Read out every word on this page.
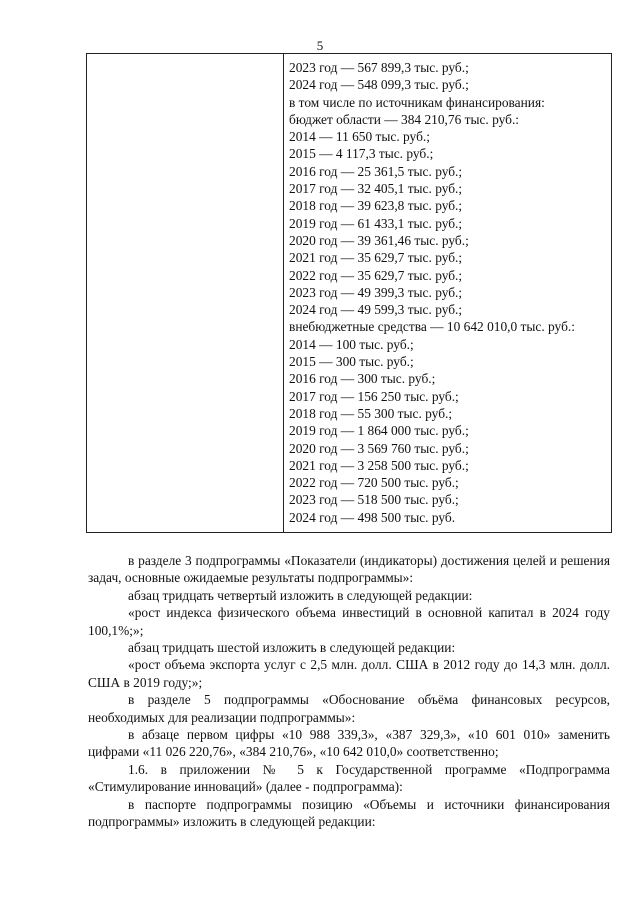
5
2023 год — 567 899,3 тыс. руб.;
2024 год — 548 099,3 тыс. руб.;
в том числе по источникам финансирования:
бюджет области — 384 210,76 тыс. руб.:
2014 — 11 650 тыс. руб.;
2015 — 4 117,3 тыс. руб.;
2016 год — 25 361,5 тыс. руб.;
2017 год — 32 405,1 тыс. руб.;
2018 год — 39 623,8 тыс. руб.;
2019 год — 61 433,1 тыс. руб.;
2020 год — 39 361,46 тыс. руб.;
2021 год — 35 629,7 тыс. руб.;
2022 год — 35 629,7 тыс. руб.;
2023 год — 49 399,3 тыс. руб.;
2024 год — 49 599,3 тыс. руб.;
внебюджетные средства — 10 642 010,0 тыс. руб.:
2014 — 100 тыс. руб.;
2015 — 300 тыс. руб.;
2016 год — 300 тыс. руб.;
2017 год — 156 250 тыс. руб.;
2018 год — 55 300 тыс. руб.;
2019 год — 1 864 000 тыс. руб.;
2020 год — 3 569 760 тыс. руб.;
2021 год — 3 258 500 тыс. руб.;
2022 год — 720 500 тыс. руб.;
2023 год — 518 500 тыс. руб.;
2024 год — 498 500 тыс. руб.

в разделе 3 подпрограммы «Показатели (индикаторы) достижения целей и решения задач, основные ожидаемые результаты подпрограммы»:

абзац тридцать четвертый изложить в следующей редакции:

«рост индекса физического объема инвестиций в основной капитал в 2024 году 100,1%;»;

абзац тридцать шестой изложить в следующей редакции:

«рост объема экспорта услуг с 2,5 млн. долл. США в 2012 году до 14,3 млн. долл. США в 2019 году;»;

в разделе 5 подпрограммы «Обоснование объёма финансовых ресурсов, необходимых для реализации подпрограммы»:

в абзаце первом цифры «10 988 339,3», «387 329,3», «10 601 010» заменить цифрами «11 026 220,76», «384 210,76», «10 642 010,0» соответственно;

1.6. в приложении № 5 к Государственной программе «Подпрограмма «Стимулирование инноваций» (далее - подпрограмма):

в паспорте подпрограммы позицию «Объемы и источники финансирования подпрограммы» изложить в следующей редакции:
